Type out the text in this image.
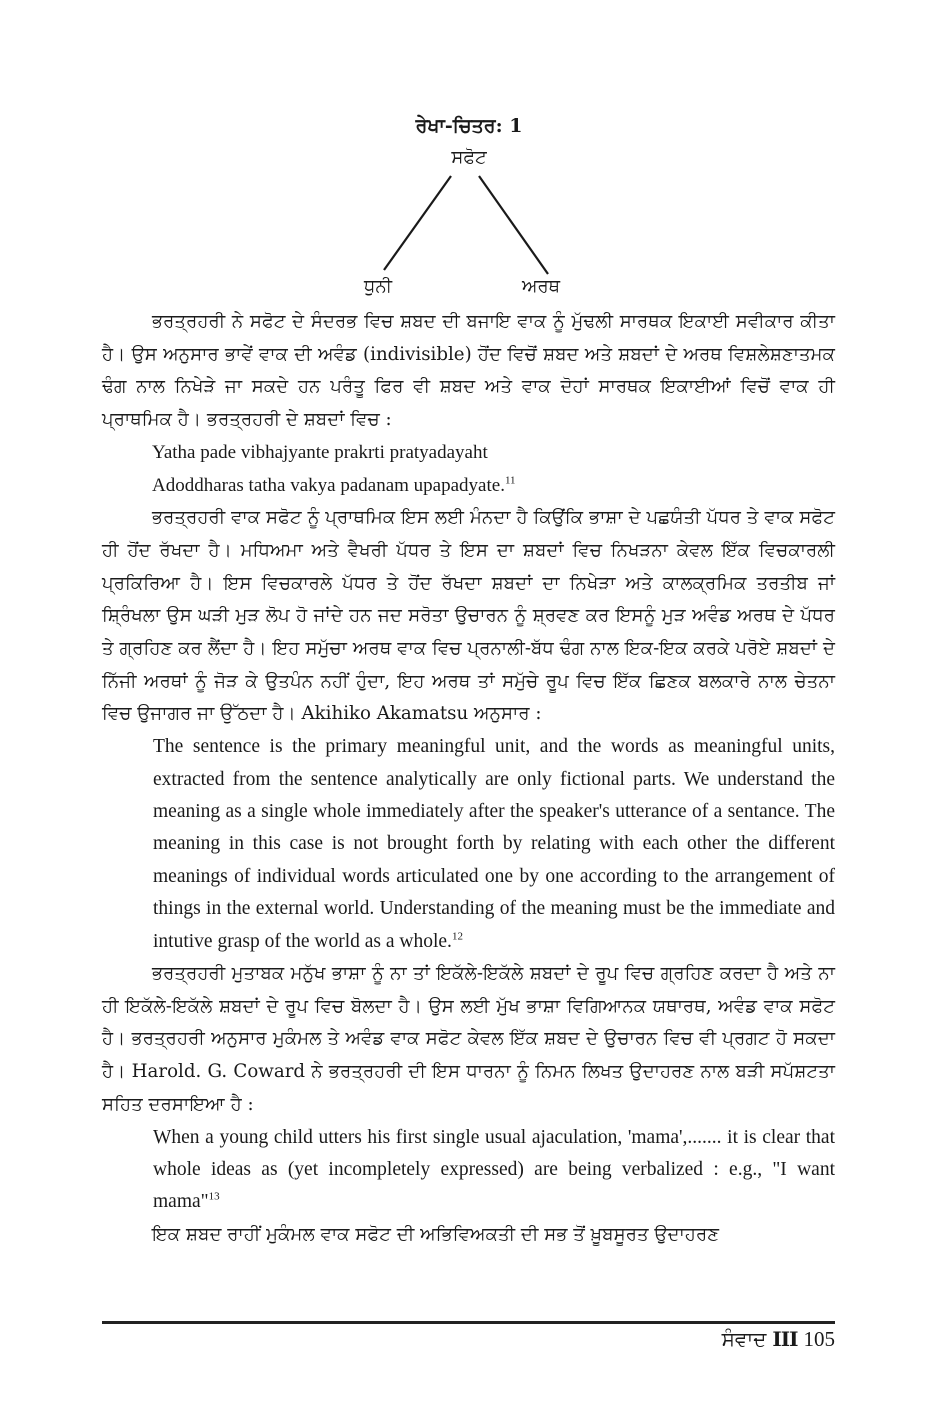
ਰੇਖਾ-ਚਿਤਰ: 1
ਸਫੋਟ
ਧੁਨੀ	ਅਰਥ

ਭਰਤ੍ਰਹਰੀ ਨੇ ਸਫੋਟ ਦੇ ਸੰਦਰਭ ਵਿਚ ਸ਼ਬਦ ਦੀ ਬਜਾਇ ਵਾਕ ਨੂੰ ਮੁੱਢਲੀ ਸਾਰਥਕ ਇਕਾਈ ਸਵੀਕਾਰ ਕੀਤਾ ਹੈ। ਉਸ ਅਨੁਸਾਰ ਭਾਵੇਂ ਵਾਕ ਦੀ ਅਵੰਡ (indivisible) ਹੋਂਦ ਵਿਚੋਂ ਸ਼ਬਦ ਅਤੇ ਸ਼ਬਦਾਂ ਦੇ ਅਰਥ ਵਿਸ਼ਲੇਸ਼ਣਾਤਮਕ ਢੰਗ ਨਾਲ ਨਿਖੇੜੇ ਜਾ ਸਕਦੇ ਹਨ ਪਰੰਤੂ ਫਿਰ ਵੀ ਸ਼ਬਦ ਅਤੇ ਵਾਕ ਦੋਹਾਂ ਸਾਰਥਕ ਇਕਾਈਆਂ ਵਿਚੋਂ ਵਾਕ ਹੀ ਪ੍ਰਾਥਮਿਕ ਹੈ। ਭਰਤ੍ਰਹਰੀ ਦੇ ਸ਼ਬਦਾਂ ਵਿਚ :

Yatha pade vibhajyante prakrti pratyadayaht
Adoddharas tatha vakya padanam upapadyate.$^{11}$

ਭਰਤ੍ਰਹਰੀ ਵਾਕ ਸਫੋਟ ਨੂੰ ਪ੍ਰਾਥਮਿਕ ਇਸ ਲਈ ਮੰਨਦਾ ਹੈ ਕਿਉਂਕਿ ਭਾਸ਼ਾ ਦੇ ਪਛਯੰਤੀ ਪੱਧਰ ਤੇ ਵਾਕ ਸਫੋਟ ਹੀ ਹੋਂਦ ਰੱਖਦਾ ਹੈ। ਮਧਿਅਮਾ ਅਤੇ ਵੈਖਰੀ ਪੱਧਰ ਤੇ ਇਸ ਦਾ ਸ਼ਬਦਾਂ ਵਿਚ ਨਿਖੜਨਾ ਕੇਵਲ ਇੱਕ ਵਿਚਕਾਰਲੀ ਪ੍ਰਕਿਰਿਆ ਹੈ। ਇਸ ਵਿਚਕਾਰਲੇ ਪੱਧਰ ਤੇ ਹੋਂਦ ਰੱਖਦਾ ਸ਼ਬਦਾਂ ਦਾ ਨਿਖੇੜਾ ਅਤੇ ਕਾਲਕ੍ਰਮਿਕ ਤਰਤੀਬ ਜਾਂ ਸ਼੍ਰਿੰਖਲਾ ਉਸ ਘੜੀ ਮੁੜ ਲੋਪ ਹੋ ਜਾਂਦੇ ਹਨ ਜਦ ਸਰੋਤਾ ਉਚਾਰਨ ਨੂੰ ਸ਼੍ਰਵਣ ਕਰ ਇਸਨੂੰ ਮੁੜ ਅਵੰਡ ਅਰਥ ਦੇ ਪੱਧਰ ਤੇ ਗ੍ਰਹਿਣ ਕਰ ਲੈਂਦਾ ਹੈ। ਇਹ ਸਮੁੱਚਾ ਅਰਥ ਵਾਕ ਵਿਚ ਪ੍ਰਨਾਲੀ-ਬੱਧ ਢੰਗ ਨਾਲ ਇਕ-ਇਕ ਕਰਕੇ ਪਰੋਏ ਸ਼ਬਦਾਂ ਦੇ ਨਿੱਜੀ ਅਰਥਾਂ ਨੂੰ ਜੋੜ ਕੇ ਉਤਪੰਨ ਨਹੀਂ ਹੁੰਦਾ, ਇਹ ਅਰਥ ਤਾਂ ਸਮੁੱਚੇ ਰੂਪ ਵਿਚ ਇੱਕ ਛਿਣਕ ਬਲਕਾਰੇ ਨਾਲ ਚੇਤਨਾ ਵਿਚ ਉਜਾਗਰ ਜਾ ਉੱਠਦਾ ਹੈ। Akihiko Akamatsu ਅਨੁਸਾਰ :

The sentence is the primary meaningful unit, and the words as meaningful units, extracted from the sentence analytically are only fictional parts. We understand the meaning as a single whole immediately after the speaker's utterance of a sentance. The meaning in this case is not brought forth by relating with each other the different meanings of individual words articulated one by one according to the arrangement of things in the external world. Understanding of the meaning must be the immediate and intutive grasp of the world as a whole.$^{12}$

ਭਰਤ੍ਰਹਰੀ ਮੁਤਾਬਕ ਮਨੁੱਖ ਭਾਸ਼ਾ ਨੂੰ ਨਾ ਤਾਂ ਇਕੱਲੇ-ਇਕੱਲੇ ਸ਼ਬਦਾਂ ਦੇ ਰੂਪ ਵਿਚ ਗ੍ਰਹਿਣ ਕਰਦਾ ਹੈ ਅਤੇ ਨਾ ਹੀ ਇਕੱਲੇ-ਇਕੱਲੇ ਸ਼ਬਦਾਂ ਦੇ ਰੂਪ ਵਿਚ ਬੋਲਦਾ ਹੈ। ਉਸ ਲਈ ਮੁੱਖ ਭਾਸ਼ਾ ਵਿਗਿਆਨਕ ਯਥਾਰਥ, ਅਵੰਡ ਵਾਕ ਸਫੋਟ ਹੈ। ਭਰਤ੍ਰਹਰੀ ਅਨੁਸਾਰ ਮੁਕੰਮਲ ਤੇ ਅਵੰਡ ਵਾਕ ਸਫੋਟ ਕੇਵਲ ਇੱਕ ਸ਼ਬਦ ਦੇ ਉਚਾਰਨ ਵਿਚ ਵੀ ਪ੍ਰਗਟ ਹੋ ਸਕਦਾ ਹੈ। Harold. G. Coward ਨੇ ਭਰਤ੍ਰਹਰੀ ਦੀ ਇਸ ਧਾਰਨਾ ਨੂੰ ਨਿਮਨ ਲਿਖਤ ਉਦਾਹਰਣ ਨਾਲ ਬੜੀ ਸਪੱਸ਼ਟਤਾ ਸਹਿਤ ਦਰਸਾਇਆ ਹੈ :

When a young child utters his first single usual ajaculation, 'mama',....... it is clear that whole ideas as (yet incompletely expressed) are being verbalized : e.g., "I want mama"$^{13}$

ਇਕ ਸ਼ਬਦ ਰਾਹੀਂ ਮੁਕੰਮਲ ਵਾਕ ਸਫੋਟ ਦੀ ਅਭਿਵਿਅਕਤੀ ਦੀ ਸਭ ਤੋਂ ਖ਼ੂਬਸੂਰਤ ਉਦਾਹਰਣ

ਸੰਵਾਦ III 105
